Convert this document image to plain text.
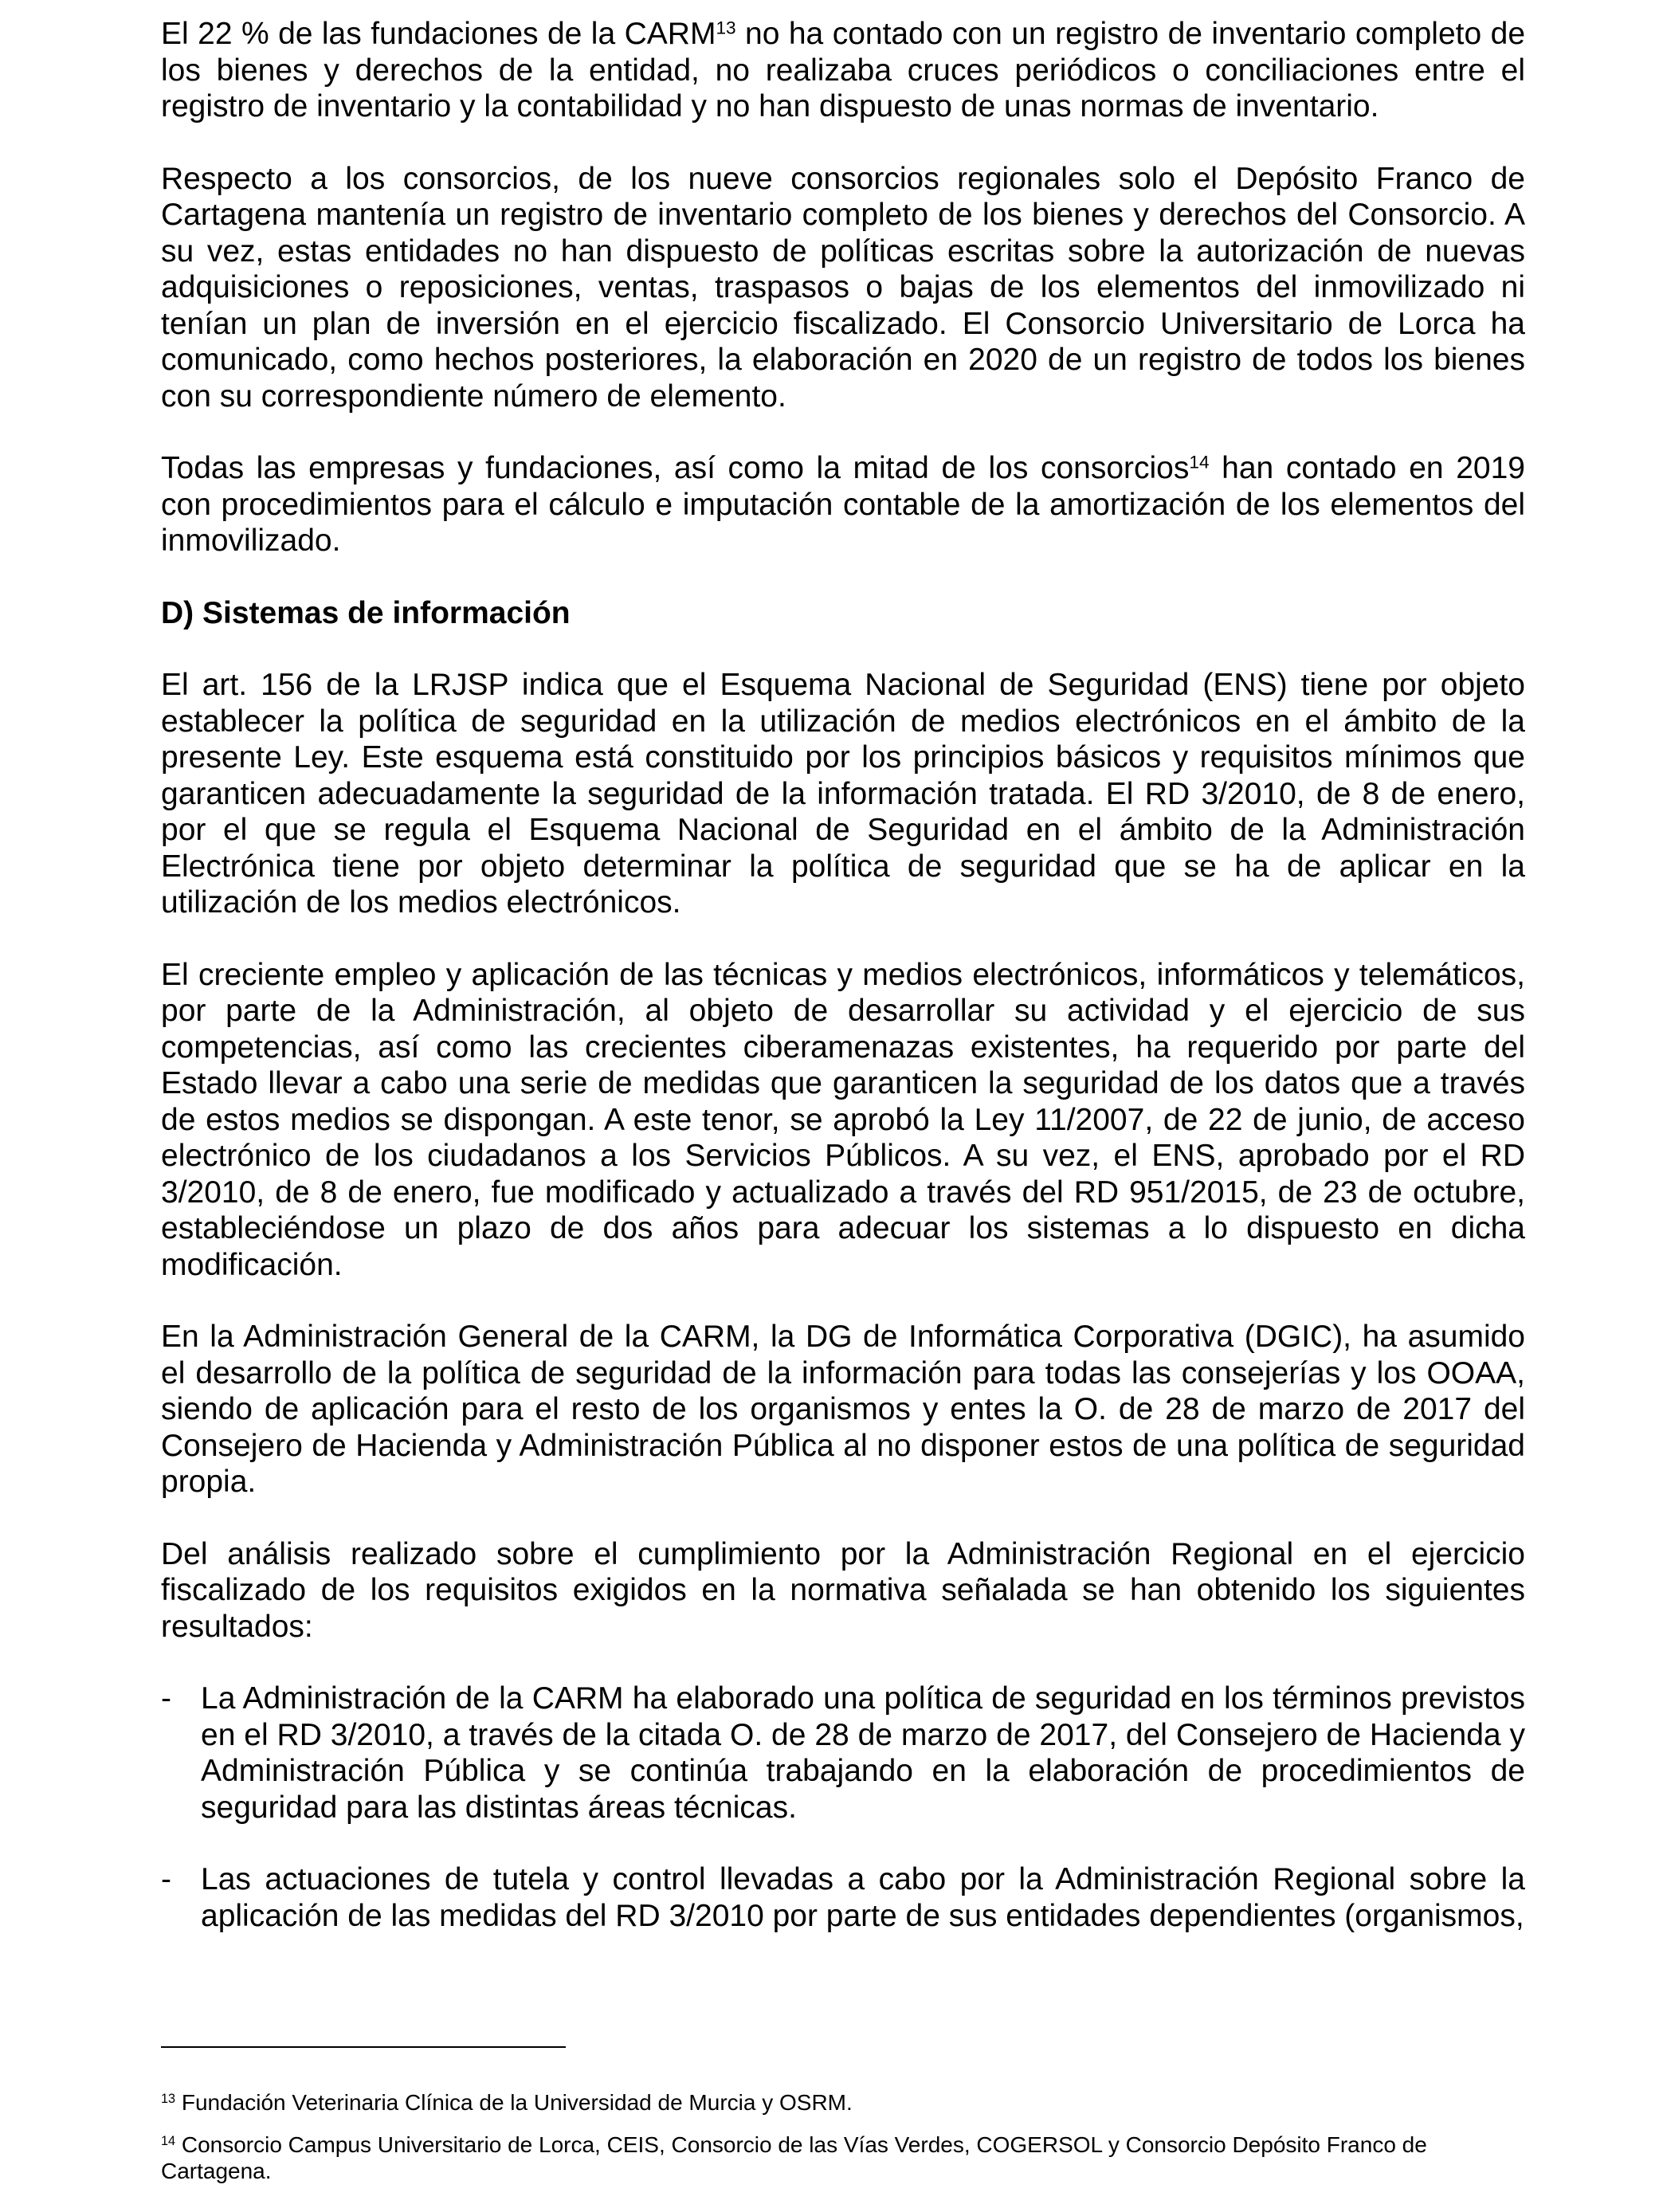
El 22 % de las fundaciones de la CARM$^{13}$ no ha contado con un registro de inventario completo de los bienes y derechos de la entidad, no realizaba cruces periódicos o conciliaciones entre el registro de inventario y la contabilidad y no han dispuesto de unas normas de inventario.

Respecto a los consorcios, de los nueve consorcios regionales solo el Depósito Franco de Cartagena mantenía un registro de inventario completo de los bienes y derechos del Consorcio. A su vez, estas entidades no han dispuesto de políticas escritas sobre la autorización de nuevas adquisiciones o reposiciones, ventas, traspasos o bajas de los elementos del inmovilizado ni tenían un plan de inversión en el ejercicio fiscalizado. El Consorcio Universitario de Lorca ha comunicado, como hechos posteriores, la elaboración en 2020 de un registro de todos los bienes con su correspondiente número de elemento.

Todas las empresas y fundaciones, así como la mitad de los consorcios$^{14}$ han contado en 2019 con procedimientos para el cálculo e imputación contable de la amortización de los elementos del inmovilizado.

D) Sistemas de información

El art. 156 de la LRJSP indica que el Esquema Nacional de Seguridad (ENS) tiene por objeto establecer la política de seguridad en la utilización de medios electrónicos en el ámbito de la presente Ley. Este esquema está constituido por los principios básicos y requisitos mínimos que garanticen adecuadamente la seguridad de la información tratada. El RD 3/2010, de 8 de enero, por el que se regula el Esquema Nacional de Seguridad en el ámbito de la Administración Electrónica tiene por objeto determinar la política de seguridad que se ha de aplicar en la utilización de los medios electrónicos.

El creciente empleo y aplicación de las técnicas y medios electrónicos, informáticos y telemáticos, por parte de la Administración, al objeto de desarrollar su actividad y el ejercicio de sus competencias, así como las crecientes ciberamenazas existentes, ha requerido por parte del Estado llevar a cabo una serie de medidas que garanticen la seguridad de los datos que a través de estos medios se dispongan. A este tenor, se aprobó la Ley 11/2007, de 22 de junio, de acceso electrónico de los ciudadanos a los Servicios Públicos. A su vez, el ENS, aprobado por el RD 3/2010, de 8 de enero, fue modificado y actualizado a través del RD 951/2015, de 23 de octubre, estableciéndose un plazo de dos años para adecuar los sistemas a lo dispuesto en dicha modificación.

En la Administración General de la CARM, la DG de Informática Corporativa (DGIC), ha asumido el desarrollo de la política de seguridad de la información para todas las consejerías y los OOAA, siendo de aplicación para el resto de los organismos y entes la O. de 28 de marzo de 2017 del Consejero de Hacienda y Administración Pública al no disponer estos de una política de seguridad propia.

Del análisis realizado sobre el cumplimiento por la Administración Regional en el ejercicio fiscalizado de los requisitos exigidos en la normativa señalada se han obtenido los siguientes resultados:

- La Administración de la CARM ha elaborado una política de seguridad en los términos previstos en el RD 3/2010, a través de la citada O. de 28 de marzo de 2017, del Consejero de Hacienda y Administración Pública y se continúa trabajando en la elaboración de procedimientos de seguridad para las distintas áreas técnicas.
- Las actuaciones de tutela y control llevadas a cabo por la Administración Regional sobre la aplicación de las medidas del RD 3/2010 por parte de sus entidades dependientes (organismos,

$^{13}$ Fundación Veterinaria Clínica de la Universidad de Murcia y OSRM.

$^{14}$ Consorcio Campus Universitario de Lorca, CEIS, Consorcio de las Vías Verdes, COGERSOL y Consorcio Depósito Franco de Cartagena.
